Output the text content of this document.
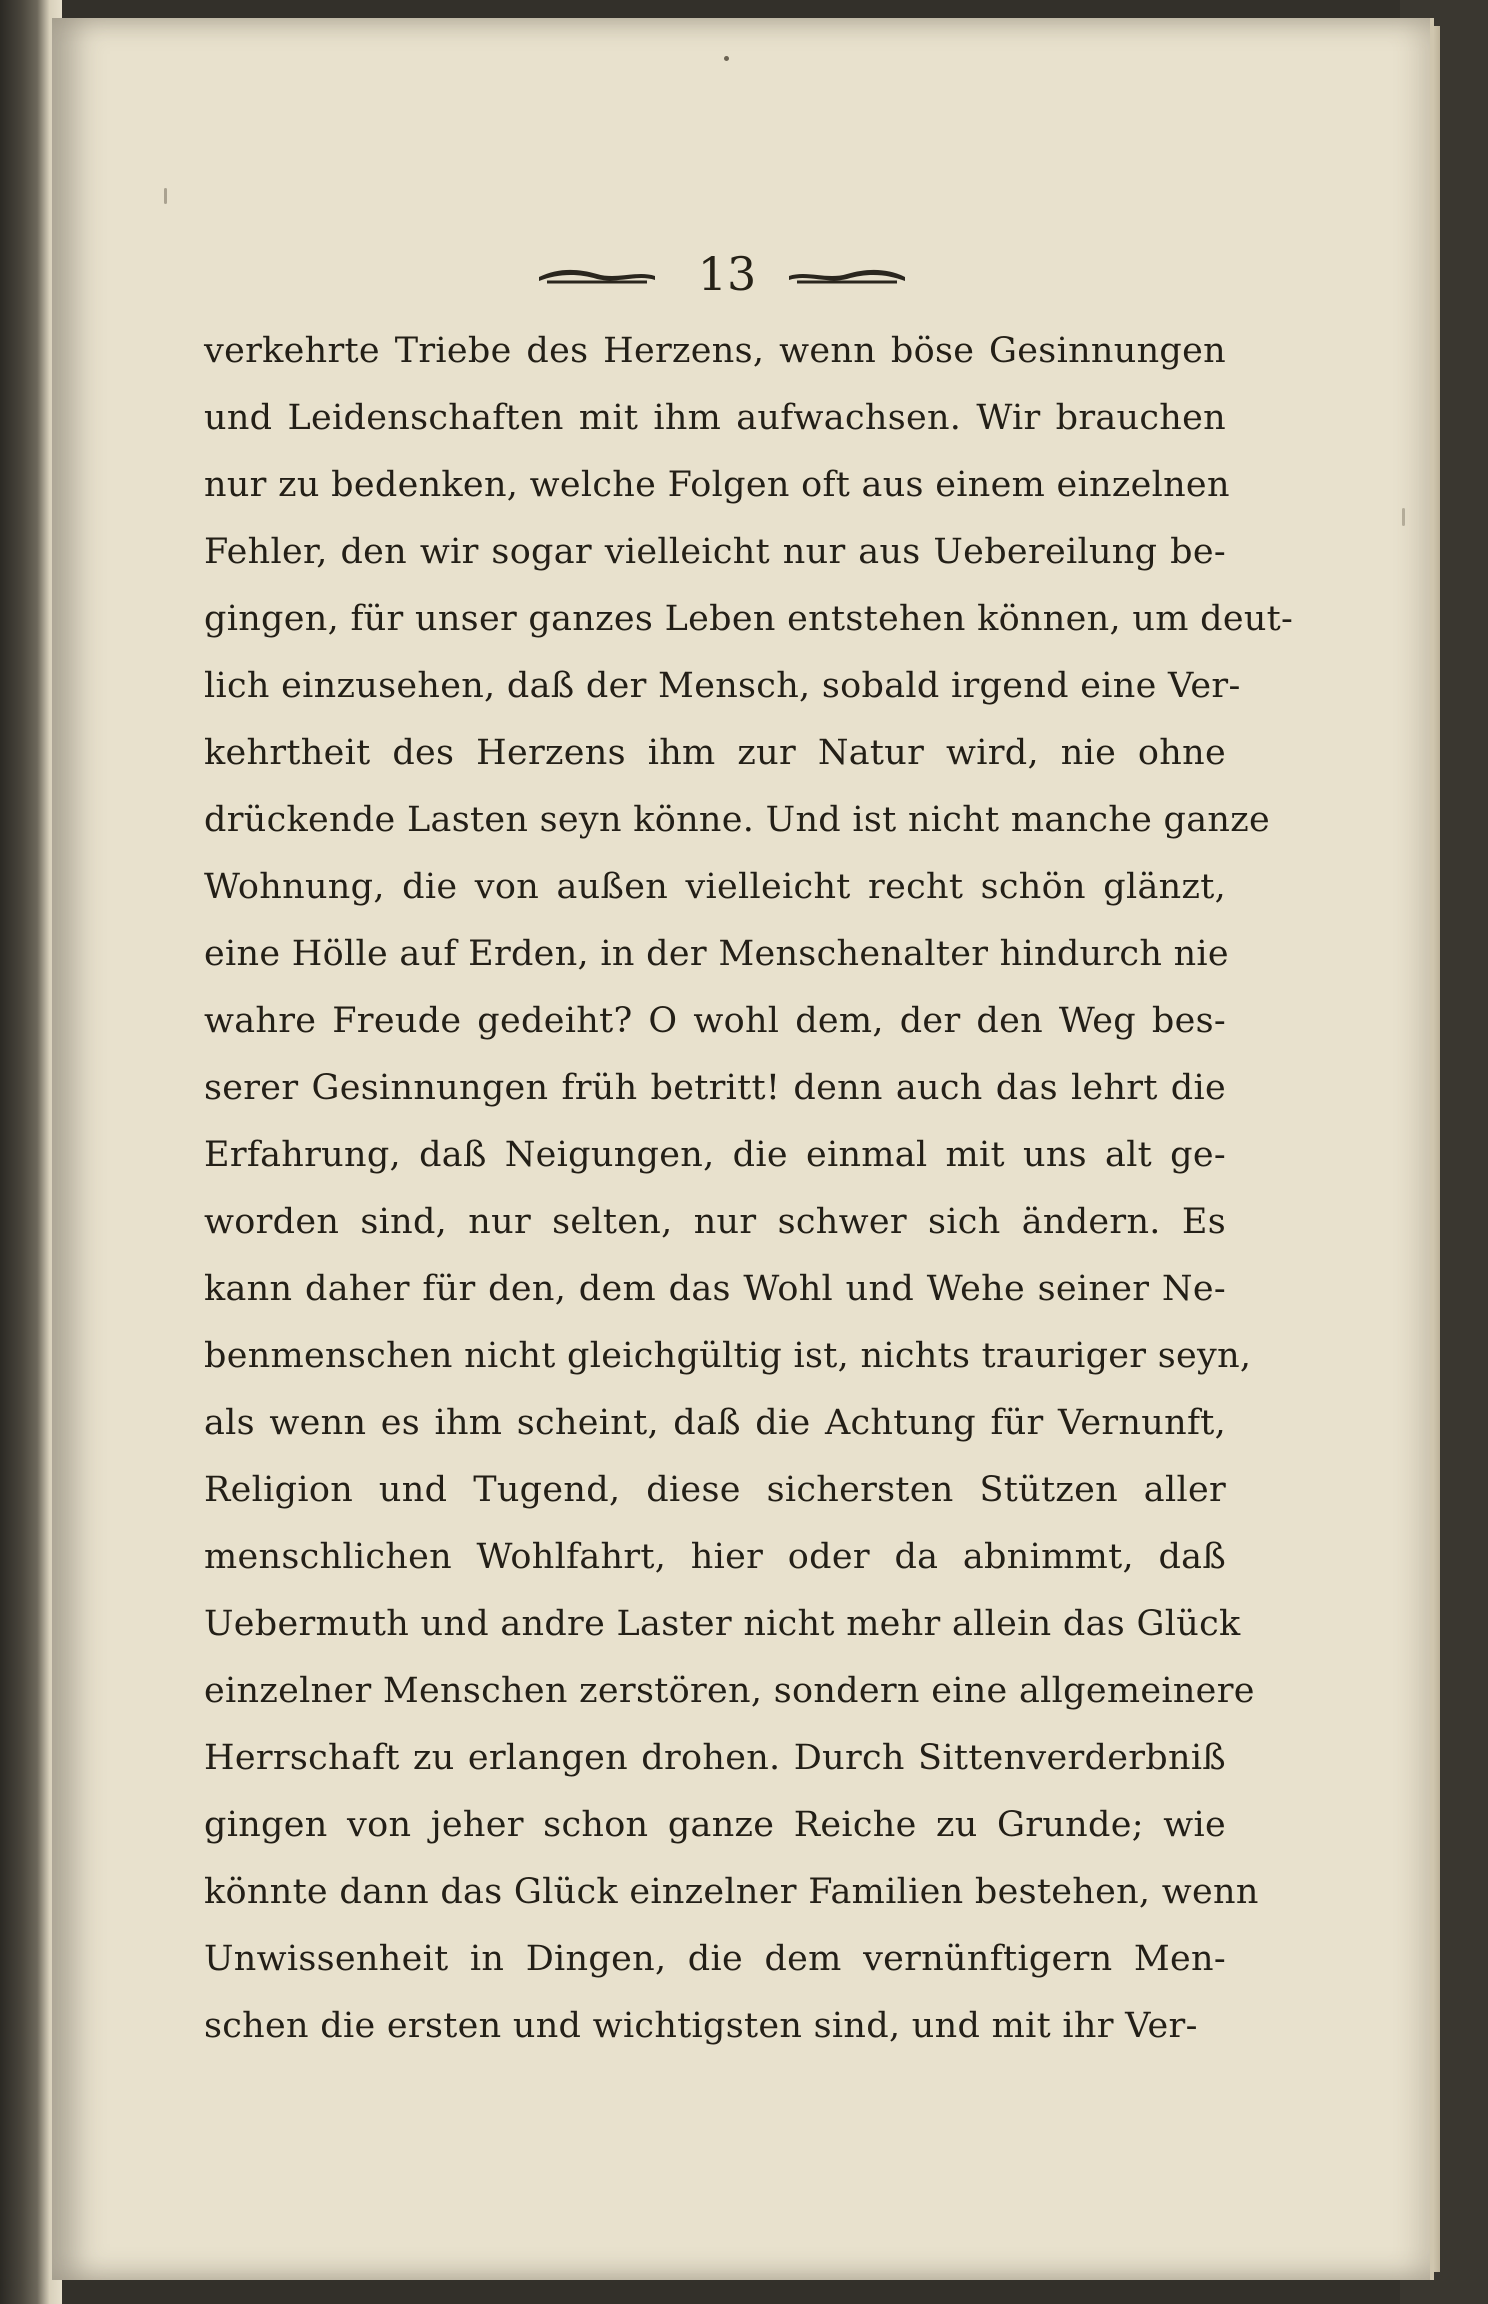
13
verkehrte Triebe des Herzens, wenn böse Gesinnungen
und Leidenschaften mit ihm aufwachsen. Wir brauchen
nur zu bedenken, welche Folgen oft aus einem einzelnen
Fehler, den wir sogar vielleicht nur aus Uebereilung be-
gingen, für unser ganzes Leben entstehen können, um deut-
lich einzusehen, daß der Mensch, sobald irgend eine Ver-
kehrtheit des Herzens ihm zur Natur wird, nie ohne
drückende Lasten seyn könne. Und ist nicht manche ganze
Wohnung, die von außen vielleicht recht schön glänzt,
eine Hölle auf Erden, in der Menschenalter hindurch nie
wahre Freude gedeiht? O wohl dem, der den Weg bes-
serer Gesinnungen früh betritt! denn auch das lehrt die
Erfahrung, daß Neigungen, die einmal mit uns alt ge-
worden sind, nur selten, nur schwer sich ändern. Es
kann daher für den, dem das Wohl und Wehe seiner Ne-
benmenschen nicht gleichgültig ist, nichts trauriger seyn,
als wenn es ihm scheint, daß die Achtung für Vernunft,
Religion und Tugend, diese sichersten Stützen aller
menschlichen Wohlfahrt, hier oder da abnimmt, daß
Uebermuth und andre Laster nicht mehr allein das Glück
einzelner Menschen zerstören, sondern eine allgemeinere
Herrschaft zu erlangen drohen. Durch Sittenverderbniß
gingen von jeher schon ganze Reiche zu Grunde; wie
könnte dann das Glück einzelner Familien bestehen, wenn
Unwissenheit in Dingen, die dem vernünftigern Men-
schen die ersten und wichtigsten sind, und mit ihr Ver-
